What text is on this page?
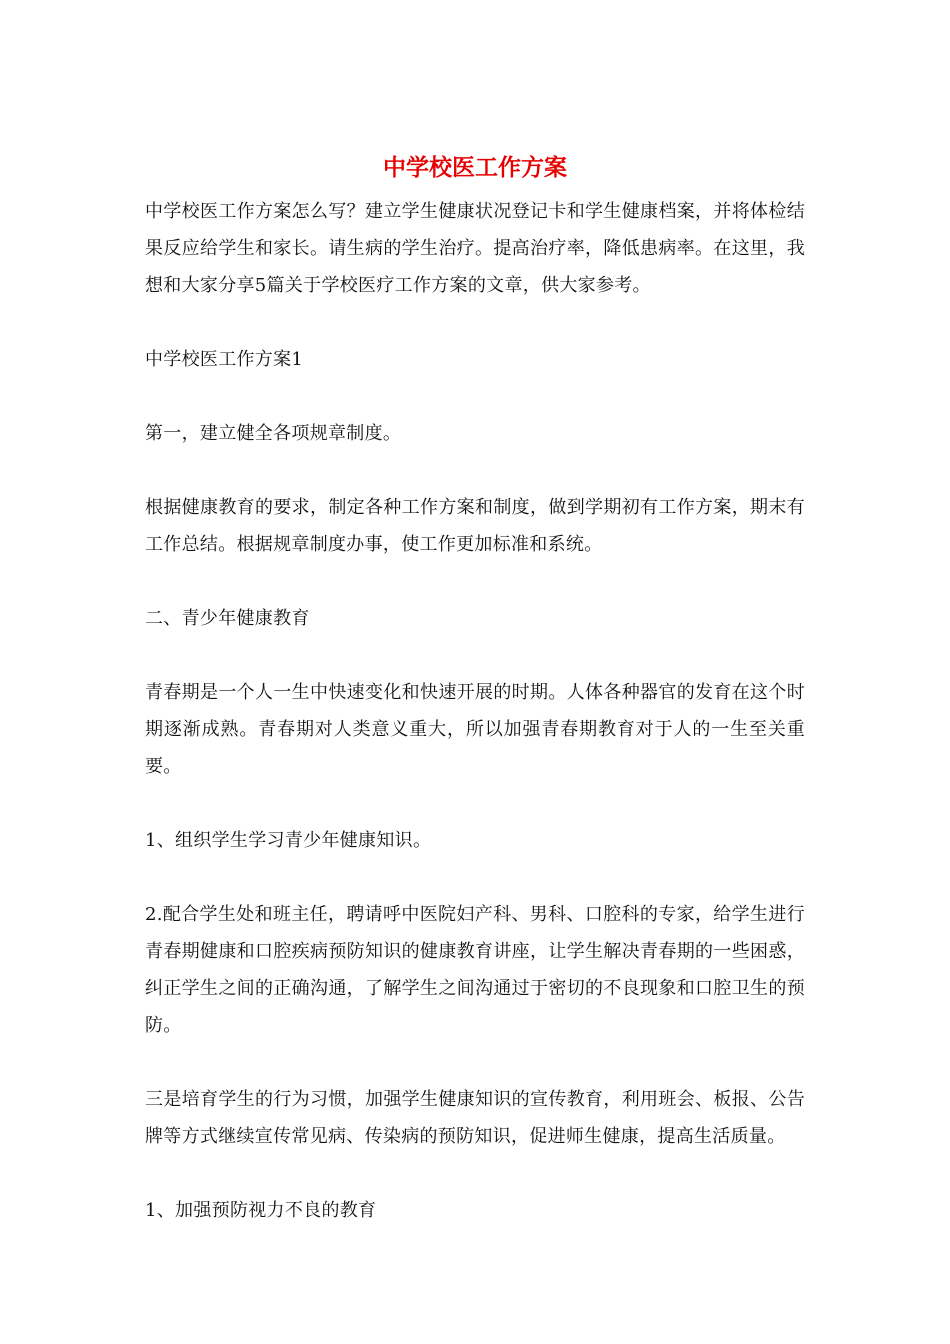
中学校医工作方案

中学校医工作方案怎么写？建立学生健康状况登记卡和学生健康档案，并将体检结果反应给学生和家长。请生病的学生治疗。提高治疗率，降低患病率。在这里，我想和大家分享5篇关于学校医疗工作方案的文章，供大家参考。

中学校医工作方案1

第一，建立健全各项规章制度。

根据健康教育的要求，制定各种工作方案和制度，做到学期初有工作方案，期末有工作总结。根据规章制度办事，使工作更加标准和系统。

二、青少年健康教育

青春期是一个人一生中快速变化和快速开展的时期。人体各种器官的发育在这个时期逐渐成熟。青春期对人类意义重大，所以加强青春期教育对于人的一生至关重要。

1、组织学生学习青少年健康知识。

2.配合学生处和班主任，聘请呼中医院妇产科、男科、口腔科的专家，给学生进行青春期健康和口腔疾病预防知识的健康教育讲座，让学生解决青春期的一些困惑，纠正学生之间的正确沟通，了解学生之间沟通过于密切的不良现象和口腔卫生的预防。

三是培育学生的行为习惯，加强学生健康知识的宣传教育，利用班会、板报、公告牌等方式继续宣传常见病、传染病的预防知识，促进师生健康，提高生活质量。

1、加强预防视力不良的教育
